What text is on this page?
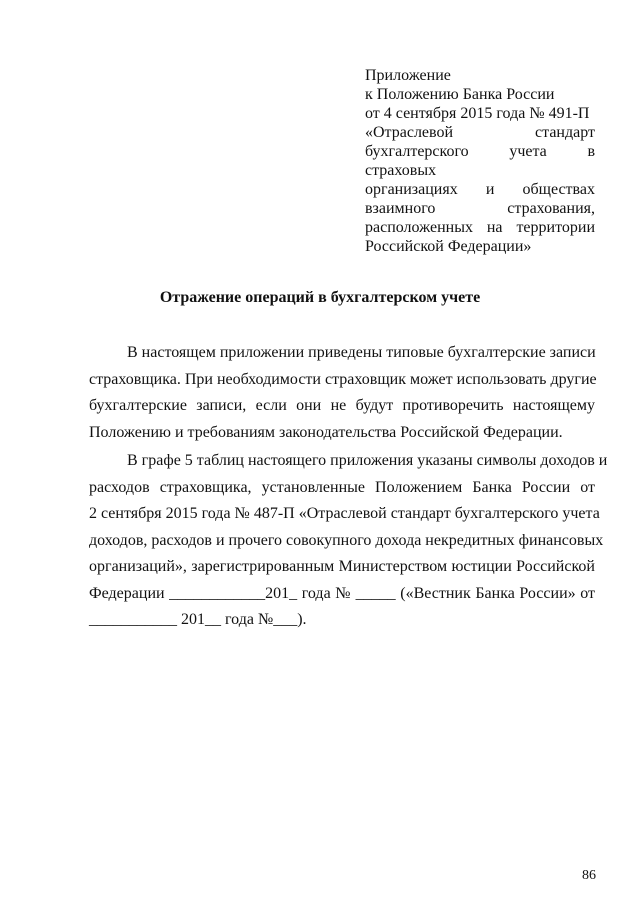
Приложение
к Положению Банка России
от 4 сентября 2015 года № 491-П
«Отраслевой стандарт
бухгалтерского учета в страховых
организациях и обществах
взаимного страхования,
расположенных на территории
Российской Федерации»
Отражение операций в бухгалтерском учете
В настоящем приложении приведены типовые бухгалтерские записи
страховщика. При необходимости страховщик может использовать другие
бухгалтерские записи, если они не будут противоречить настоящему
Положению и требованиям законодательства Российской Федерации.
В графе 5 таблиц настоящего приложения указаны символы доходов и
расходов страховщика, установленные Положением Банка России от
2 сентября 2015 года № 487-П «Отраслевой стандарт бухгалтерского учета
доходов, расходов и прочего совокупного дохода некредитных финансовых
организаций», зарегистрированным Министерством юстиции Российской
Федерации ____________201_ года № _____ («Вестник Банка России» от
___________ 201__ года №___).
86
